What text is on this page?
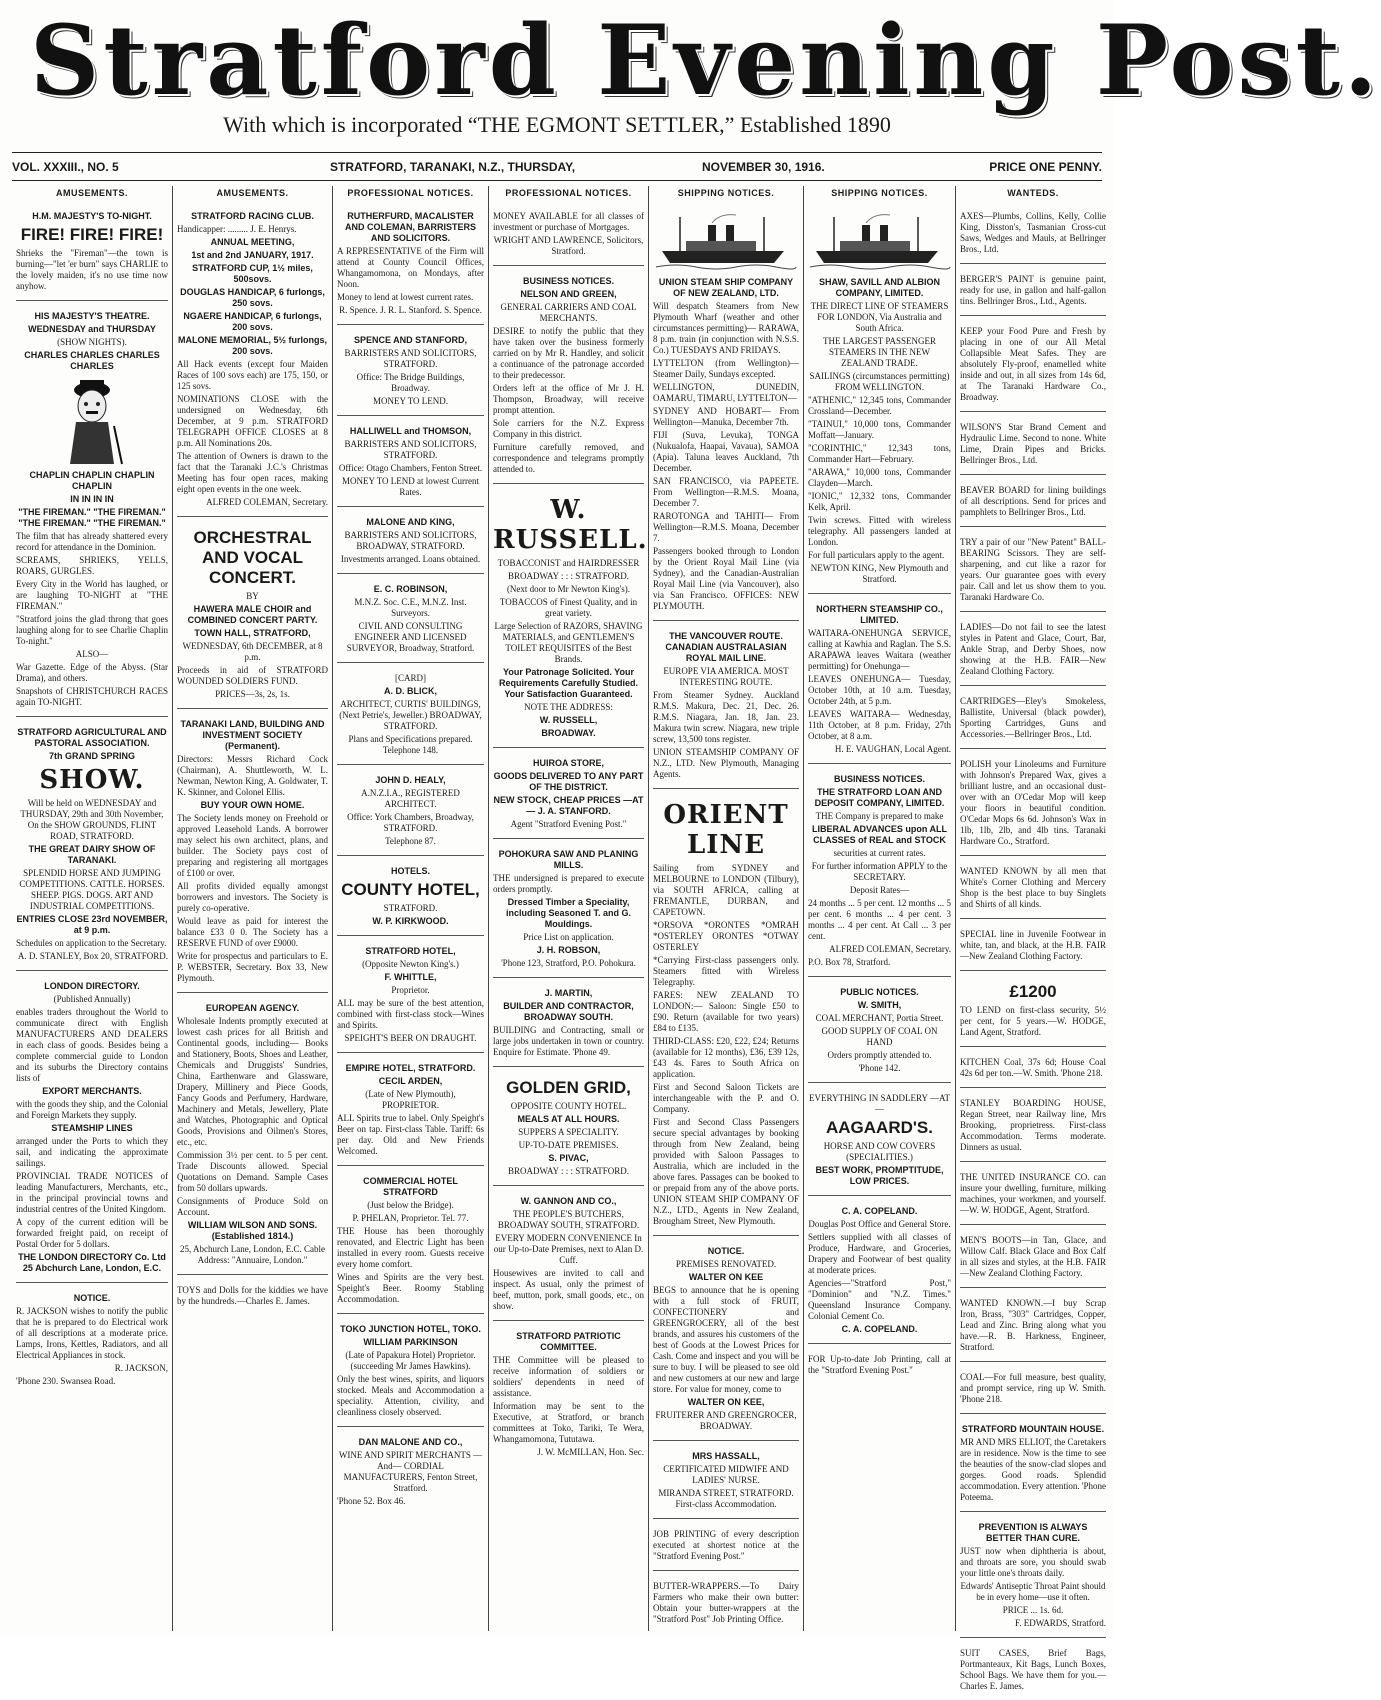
Stratford Evening Post.
With which is incorporated “THE EGMONT SETTLER,” Established 1890
VOL. XXXIII., NO. 5	STRATFORD, TARANAKI, N.Z., THURSDAY,	NOVEMBER 30, 1916.	PRICE ONE PENNY.
AMUSEMENTS.
H.M. MAJESTY'S TO-NIGHT.
FIRE! FIRE! FIRE!
Shrieks the "Fireman"—the town is burning—"let 'er burn" says CHARLIE to the lovely maiden, it's no use time now anyhow.
HIS MAJESTY'S THEATRE.
WEDNESDAY and THURSDAY
(SHOW NIGHTS).
CHARLES CHARLES CHARLES CHARLES
CHAPLIN CHAPLIN CHAPLIN CHAPLIN
IN IN IN IN
"THE FIREMAN." "THE FIREMAN." "THE FIREMAN." "THE FIREMAN."
The film that has already shattered every record for attendance in the Dominion.
SCREAMS, SHRIEKS, YELLS, ROARS, GURGLES.
Every City in the World has laughed, or are laughing TO-NIGHT at "THE FIREMAN."
"Stratford joins the glad throng that goes laughing along for to see Charlie Chaplin To-night."
ALSO—
War Gazette. Edge of the Abyss. (Star Drama), and others.
Snapshots of CHRISTCHURCH RACES again TO-NIGHT.
STRATFORD AGRICULTURAL AND PASTORAL ASSOCIATION.
7th GRAND SPRING
SHOW.
Will be held on WEDNESDAY and THURSDAY, 29th and 30th November, On the SHOW GROUNDS, FLINT ROAD, STRATFORD.
THE GREAT DAIRY SHOW OF TARANAKI.
SPLENDID HORSE AND JUMPING COMPETITIONS. CATTLE. HORSES. SHEEP. PIGS. DOGS. ART AND INDUSTRIAL COMPETITIONS.
ENTRIES CLOSE 23rd NOVEMBER, at 9 p.m.
Schedules on application to the Secretary.
A. D. STANLEY, Box 20, STRATFORD.
LONDON DIRECTORY.
(Published Annually)
enables traders throughout the World to communicate direct with English MANUFACTURERS AND DEALERS in each class of goods. Besides being a complete commercial guide to London and its suburbs the Directory contains lists of
EXPORT MERCHANTS.
with the goods they ship, and the Colonial and Foreign Markets they supply.
STEAMSHIP LINES
arranged under the Ports to which they sail, and indicating the approximate sailings.
PROVINCIAL TRADE NOTICES of leading Manufacturers, Merchants, etc., in the principal provincial towns and industrial centres of the United Kingdom.
A copy of the current edition will be forwarded freight paid, on receipt of Postal Order for 5 dollars.
THE LONDON DIRECTORY Co. Ltd 25 Abchurch Lane, London, E.C.
NOTICE.
R. JACKSON wishes to notify the public that he is prepared to do Electrical work of all descriptions at a moderate price. Lamps, Irons, Kettles, Radiators, and all Electrical Appliances in stock.
R. JACKSON,
'Phone 230. Swansea Road.
AMUSEMENTS.
STRATFORD RACING CLUB.
Handicapper: ......... J. E. Henrys.
ANNUAL MEETING,
1st and 2nd JANUARY, 1917.
STRATFORD CUP, 1½ miles, 500sovs.
DOUGLAS HANDICAP, 6 furlongs, 250 sovs.
NGAERE HANDICAP, 6 furlongs, 200 sovs.
MALONE MEMORIAL, 5½ furlongs, 200 sovs.
All Hack events (except four Maiden Races of 100 sovs each) are 175, 150, or 125 sovs.
NOMINATIONS CLOSE with the undersigned on Wednesday, 6th December, at 9 p.m. STRATFORD TELEGRAPH OFFICE CLOSES at 8 p.m. All Nominations 20s.
The attention of Owners is drawn to the fact that the Taranaki J.C.'s Christmas Meeting has four open races, making eight open events in the one week.
ALFRED COLEMAN, Secretary.
ORCHESTRAL AND VOCAL CONCERT.
BY
HAWERA MALE CHOIR and COMBINED CONCERT PARTY.
TOWN HALL, STRATFORD,
WEDNESDAY, 6th DECEMBER, at 8 p.m.
Proceeds in aid of STRATFORD WOUNDED SOLDIERS FUND.
PRICES—3s, 2s, 1s.
TARANAKI LAND, BUILDING AND INVESTMENT SOCIETY (Permanent).
Directors: Messrs Richard Cock (Chairman), A. Shuttleworth, W. L. Newman, Newton King, A. Goldwater, T. K. Skinner, and Colonel Ellis.
BUY YOUR OWN HOME.
The Society lends money on Freehold or approved Leasehold Lands. A borrower may select his own architect, plans, and builder. The Society pays cost of preparing and registering all mortgages of £100 or over.
All profits divided equally amongst borrowers and investors. The Society is purely co-operative.
Would leave as paid for interest the balance £33 0 0. The Society has a RESERVE FUND of over £9000.
Write for prospectus and particulars to E. P. WEBSTER, Secretary. Box 33, New Plymouth.
EUROPEAN AGENCY.
Wholesale Indents promptly executed at lowest cash prices for all British and Continental goods, including— Books and Stationery, Boots, Shoes and Leather, Chemicals and Druggists' Sundries, China, Earthenware and Glassware, Drapery, Millinery and Piece Goods, Fancy Goods and Perfumery, Hardware, Machinery and Metals, Jewellery, Plate and Watches, Photographic and Optical Goods, Provisions and Oilmen's Stores, etc., etc.
Commission 3½ per cent. to 5 per cent. Trade Discounts allowed. Special Quotations on Demand. Sample Cases from 50 dollars upwards.
Consignments of Produce Sold on Account.
WILLIAM WILSON AND SONS. (Established 1814.)
25, Abchurch Lane, London, E.C. Cable Address: "Annuaire, London."
TOYS and Dolls for the kiddies we have by the hundreds.—Charles E. James.
PROFESSIONAL NOTICES.
RUTHERFURD, MACALISTER AND COLEMAN, BARRISTERS AND SOLICITORS.
A REPRESENTATIVE of the Firm will attend at County Council Offices, Whangamomona, on Mondays, after Noon.
Money to lend at lowest current rates.
R. Spence. J. R. L. Stanford. S. Spence.
SPENCE AND STANFORD,
BARRISTERS AND SOLICITORS, STRATFORD.
Office: The Bridge Buildings, Broadway.
MONEY TO LEND.
HALLIWELL and THOMSON,
BARRISTERS AND SOLICITORS, STRATFORD.
Office: Otago Chambers, Fenton Street.
MONEY TO LEND at lowest Current Rates.
MALONE AND KING,
BARRISTERS AND SOLICITORS, BROADWAY, STRATFORD.
Investments arranged. Loans obtained.
E. C. ROBINSON,
M.N.Z. Soc. C.E., M.N.Z. Inst. Surveyors.
CIVIL AND CONSULTING ENGINEER AND LICENSED SURVEYOR, Broadway, Stratford.
[CARD]
A. D. BLICK,
ARCHITECT, CURTIS' BUILDINGS, (Next Petrie's, Jeweller.) BROADWAY, STRATFORD.
Plans and Specifications prepared. Telephone 148.
JOHN D. HEALY,
A.N.Z.I.A., REGISTERED ARCHITECT.
Office: York Chambers, Broadway, STRATFORD.
Telephone 87.
HOTELS.
COUNTY HOTEL,
STRATFORD.
W. P. KIRKWOOD.
STRATFORD HOTEL,
(Opposite Newton King's.)
F. WHITTLE,
Proprietor.
ALL may be sure of the best attention, combined with first-class stock—Wines and Spirits.
SPEIGHT'S BEER ON DRAUGHT.
EMPIRE HOTEL, STRATFORD.
CECIL ARDEN,
(Late of New Plymouth), PROPRIETOR.
ALL Spirits true to label. Only Speight's Beer on tap. First-class Table. Tariff: 6s per day. Old and New Friends Welcomed.
COMMERCIAL HOTEL STRATFORD
(Just below the Bridge).
P. PHELAN, Proprietor. Tel. 77.
THE House has been thoroughly renovated, and Electric Light has been installed in every room. Guests receive every home comfort.
Wines and Spirits are the very best. Speight's Beer. Roomy Stabling Accommodation.
TOKO JUNCTION HOTEL, TOKO.
WILLIAM PARKINSON
(Late of Papakura Hotel) Proprietor. (succeeding Mr James Hawkins).
Only the best wines, spirits, and liquors stocked. Meals and Accommodation a speciality. Attention, civility, and cleanliness closely observed.
DAN MALONE AND CO.,
WINE AND SPIRIT MERCHANTS —And— CORDIAL MANUFACTURERS, Fenton Street, Stratford.
'Phone 52. Box 46.
PROFESSIONAL NOTICES.
MONEY AVAILABLE for all classes of investment or purchase of Mortgages.
WRIGHT AND LAWRENCE, Solicitors, Stratford.
BUSINESS NOTICES.
NELSON AND GREEN,
GENERAL CARRIERS AND COAL MERCHANTS.
DESIRE to notify the public that they have taken over the business formerly carried on by Mr R. Handley, and solicit a continuance of the patronage accorded to their predecessor.
Orders left at the office of Mr J. H. Thompson, Broadway, will receive prompt attention.
Sole carriers for the N.Z. Express Company in this district.
Furniture carefully removed, and correspondence and telegrams promptly attended to.
W. RUSSELL.
TOBACCONIST and HAIRDRESSER
BROADWAY : : : STRATFORD.
(Next door to Mr Newton King's).
TOBACCOS of Finest Quality, and in great variety.
Large Selection of RAZORS, SHAVING MATERIALS, and GENTLEMEN'S TOILET REQUISITES of the Best Brands.
Your Patronage Solicited. Your Requirements Carefully Studied. Your Satisfaction Guaranteed.
NOTE THE ADDRESS:
W. RUSSELL,
BROADWAY.
HUIROA STORE,
GOODS DELIVERED TO ANY PART OF THE DISTRICT.
NEW STOCK, CHEAP PRICES —AT— J. A. STANFORD.
Agent "Stratford Evening Post."
POHOKURA SAW AND PLANING MILLS.
THE undersigned is prepared to execute orders promptly.
Dressed Timber a Speciality, including Seasoned T. and G. Mouldings.
Price List on application.
J. H. ROBSON,
'Phone 123, Stratford, P.O. Pohokura.
J. MARTIN,
BUILDER AND CONTRACTOR, BROADWAY SOUTH.
BUILDING and Contracting, small or large jobs undertaken in town or country. Enquire for Estimate. 'Phone 49.
GOLDEN GRID,
OPPOSITE COUNTY HOTEL.
MEALS AT ALL HOURS.
SUPPERS A SPECIALITY.
UP-TO-DATE PREMISES.
S. PIVAC,
BROADWAY : : : STRATFORD.
W. GANNON AND CO.,
THE PEOPLE'S BUTCHERS, BROADWAY SOUTH, STRATFORD.
EVERY MODERN CONVENIENCE In our Up-to-Date Premises, next to Alan D. Cuff.
Housewives are invited to call and inspect. As usual, only the primest of beef, mutton, pork, small goods, etc., on show.
STRATFORD PATRIOTIC COMMITTEE.
THE Committee will be pleased to receive information of soldiers or soldiers' dependents in need of assistance.
Information may be sent to the Executive, at Stratford, or branch committees at Toko, Tariki, Te Wera, Whangamomona, Tututawa.
J. W. McMILLAN, Hon. Sec.
SHIPPING NOTICES.
UNION STEAM SHIP COMPANY OF NEW ZEALAND, LTD.
Will despatch Steamers from New Plymouth Wharf (weather and other circumstances permitting)— RARAWA, 8 p.m. train (in conjunction with N.S.S. Co.) TUESDAYS AND FRIDAYS.
LYTTELTON (from Wellington)— Steamer Daily, Sundays excepted.
WELLINGTON, DUNEDIN, OAMARU, TIMARU, LYTTELTON—
SYDNEY AND HOBART— From Wellington—Manuka, December 7th.
FIJI (Suva, Levuka), TONGA (Nukualofa, Haapai, Vavaua), SAMOA (Apia). Taluna leaves Auckland, 7th December.
SAN FRANCISCO, via PAPEETE. From Wellington—R.M.S. Moana, December 7.
RAROTONGA and TAHITI— From Wellington—R.M.S. Moana, December 7.
Passengers booked through to London by the Orient Royal Mail Line (via Sydney), and the Canadian-Australian Royal Mail Line (via Vancouver), also via San Francisco. OFFICES: NEW PLYMOUTH.
THE VANCOUVER ROUTE. CANADIAN AUSTRALASIAN ROYAL MAIL LINE.
EUROPE VIA AMERICA. MOST INTERESTING ROUTE.
From Steamer Sydney. Auckland R.M.S. Makura, Dec. 21, Dec. 26. R.M.S. Niagara, Jan. 18, Jan. 23. Makura twin screw. Niagara, new triple screw, 13,500 tons register.
UNION STEAMSHIP COMPANY OF N.Z., LTD. New Plymouth, Managing Agents.
ORIENT LINE
Sailing from SYDNEY and MELBOURNE to LONDON (Tilbury), via SOUTH AFRICA, calling at FREMANTLE, DURBAN, and CAPETOWN.
*ORSOVA *ORONTES *OMRAH *OSTERLEY ORONTES *OTWAY OSTERLEY
*Carrying First-class passengers only. Steamers fitted with Wireless Telegraphy.
FARES: NEW ZEALAND TO LONDON:— Saloon: Single £50 to £90. Return (available for two years) £84 to £135.
THIRD-CLASS: £20, £22, £24; Returns (available for 12 months), £36, £39 12s, £43 4s. Fares to South Africa on application.
First and Second Saloon Tickets are interchangeable with the P. and O. Company.
First and Second Class Passengers secure special advantages by booking through from New Zealand, being provided with Saloon Passages to Australia, which are included in the above fares. Passages can be booked to or prepaid from any of the above ports. UNION STEAM SHIP COMPANY OF N.Z., LTD., Agents in New Zealand, Brougham Street, New Plymouth.
NOTICE.
PREMISES RENOVATED.
WALTER ON KEE
BEGS to announce that he is opening with a full stock of FRUIT, CONFECTIONERY and GREENGROCERY, all of the best brands, and assures his customers of the best of Goods at the Lowest Prices for Cash. Come and inspect and you will be sure to buy. I will be pleased to see old and new customers at our new and large store. For value for money, come to
WALTER ON KEE,
FRUITERER AND GREENGROCER, BROADWAY.
MRS HASSALL,
CERTIFICATED MIDWIFE AND LADIES' NURSE.
MIRANDA STREET, STRATFORD. First-class Accommodation.
JOB PRINTING of every description executed at shortest notice at the "Stratford Evening Post."
BUTTER-WRAPPERS.—To Dairy Farmers who make their own butter: Obtain your butter-wrappers at the "Stratford Post" Job Printing Office.
SHIPPING NOTICES.
SHAW, SAVILL AND ALBION COMPANY, LIMITED.
THE DIRECT LINE OF STEAMERS FOR LONDON, Via Australia and South Africa.
THE LARGEST PASSENGER STEAMERS IN THE NEW ZEALAND TRADE.
SAILINGS (circumstances permitting) FROM WELLINGTON.
"ATHENIC," 12,345 tons, Commander Crossland—December.
"TAINUI," 10,000 tons, Commander Moffatt—January.
"CORINTHIC," 12,343 tons, Commander Hart—February.
"ARAWA," 10,000 tons, Commander Clayden—March.
"IONIC," 12,332 tons, Commander Kelk, April.
Twin screws. Fitted with wireless telegraphy. All passengers landed at London.
For full particulars apply to the agent.
NEWTON KING, New Plymouth and Stratford.
NORTHERN STEAMSHIP CO., LIMITED.
WAITARA-ONEHUNGA SERVICE, calling at Kawhia and Raglan. The S.S. ARAPAWA leaves Waitara (weather permitting) for Onehunga—
LEAVES ONEHUNGA— Tuesday, October 10th, at 10 a.m. Tuesday, October 24th, at 5 p.m.
LEAVES WAITARA— Wednesday, 11th October, at 8 p.m. Friday, 27th October, at 8 a.m.
H. E. VAUGHAN, Local Agent.
BUSINESS NOTICES.
THE STRATFORD LOAN AND DEPOSIT COMPANY, LIMITED.
THE Company is prepared to make
LIBERAL ADVANCES upon ALL CLASSES of REAL and STOCK
securities at current rates.
For further information APPLY to the SECRETARY.
Deposit Rates—
24 months ... 5 per cent. 12 months ... 5 per cent. 6 months ... 4 per cent. 3 months ... 4 per cent. At Call ... 3 per cent.
ALFRED COLEMAN, Secretary.
P.O. Box 78, Stratford.
PUBLIC NOTICES.
W. SMITH,
COAL MERCHANT, Portia Street.
GOOD SUPPLY OF COAL ON HAND
Orders promptly attended to.
'Phone 142.
EVERYTHING IN SADDLERY —AT—
AAGAARD'S.
HORSE AND COW COVERS (SPECIALITIES.)
BEST WORK, PROMPTITUDE, LOW PRICES.
C. A. COPELAND.
Douglas Post Office and General Store.
Settlers supplied with all classes of Produce, Hardware, and Groceries, Drapery and Footwear of best quality at moderate prices.
Agencies—"Stratford Post," "Dominion" and "N.Z. Times." Queensland Insurance Company. Colonial Cement Co.
C. A. COPELAND.
FOR Up-to-date Job Printing, call at the "Stratford Evening Post."
WANTEDS.
AXES—Plumbs, Collins, Kelly, Collie King, Disston's, Tasmanian Cross-cut Saws, Wedges and Mauls, at Bellringer Bros., Ltd.
BERGER'S PAINT is genuine paint, ready for use, in gallon and half-gallon tins. Bellringer Bros., Ltd., Agents.
KEEP your Food Pure and Fresh by placing in one of our All Metal Collapsible Meat Safes. They are absolutely Fly-proof, enamelled white inside and out, in all sizes from 14s 6d, at The Taranaki Hardware Co., Broadway.
WILSON'S Star Brand Cement and Hydraulic Lime. Second to none. White Lime, Drain Pipes and Bricks. Bellringer Bros., Ltd.
BEAVER BOARD for lining buildings of all descriptions. Send for prices and pamphlets to Bellringer Bros., Ltd.
TRY a pair of our "New Patent" BALL-BEARING Scissors. They are self-sharpening, and cut like a razor for years. Our guarantee goes with every pair. Call and let us show them to you. Taranaki Hardware Co.
LADIES—Do not fail to see the latest styles in Patent and Glace, Court, Bar, Ankle Strap, and Derby Shoes, now showing at the H.B. FAIR—New Zealand Clothing Factory.
CARTRIDGES—Eley's Smokeless, Ballistite, Universal (black powder), Sporting Cartridges, Guns and Accessories.—Bellringer Bros., Ltd.
POLISH your Linoleums and Furniture with Johnson's Prepared Wax, gives a brilliant lustre, and an occasional dust-over with an O'Cedar Mop will keep your floors in beautiful condition. O'Cedar Mops 6s 6d. Johnson's Wax in 1lb, 1lb, 2lb, and 4lb tins. Taranaki Hardware Co., Stratford.
WANTED KNOWN by all men that White's Corner Clothing and Mercery Shop is the best place to buy Singlets and Shirts of all kinds.
SPECIAL line in Juvenile Footwear in white, tan, and black, at the H.B. FAIR—New Zealand Clothing Factory.
£1200
TO LEND on first-class security, 5½ per cent, for 5 years.—W. HODGE, Land Agent, Stratford.
KITCHEN Coal, 37s 6d; House Coal 42s 6d per ton.—W. Smith. 'Phone 218.
STANLEY BOARDING HOUSE, Regan Street, near Railway line, Mrs Brooking, proprietress. First-class Accommodation. Terms moderate. Dinners as usual.
THE UNITED INSURANCE CO. can insure your dwelling, furniture, milking machines, your workmen, and yourself.—W. W. HODGE, Agent, Stratford.
MEN'S BOOTS—in Tan, Glace, and Willow Calf. Black Glace and Box Calf in all sizes and styles, at the H.B. FAIR—New Zealand Clothing Factory.
WANTED KNOWN.—I buy Scrap Iron, Brass, "303" Cartridges, Copper, Lead and Zinc. Bring along what you have.—R. B. Harkness, Engineer, Stratford.
COAL—For full measure, best quality, and prompt service, ring up W. Smith. 'Phone 218.
STRATFORD MOUNTAIN HOUSE.
MR AND MRS ELLIOT, the Caretakers are in residence. Now is the time to see the beauties of the snow-clad slopes and gorges. Good roads. Splendid accommodation. Every attention. 'Phone Poteema.
PREVENTION IS ALWAYS BETTER THAN CURE.
JUST now when diphtheria is about, and throats are sore, you should swab your little one's throats daily.
Edwards' Antiseptic Throat Paint should be in every home—use it often.
PRICE ... 1s. 6d.
F. EDWARDS, Stratford.
SUIT CASES, Brief Bags, Portmanteaux, Kit Bags, Lunch Boxes, School Bags. We have them for you.—Charles E. James.
